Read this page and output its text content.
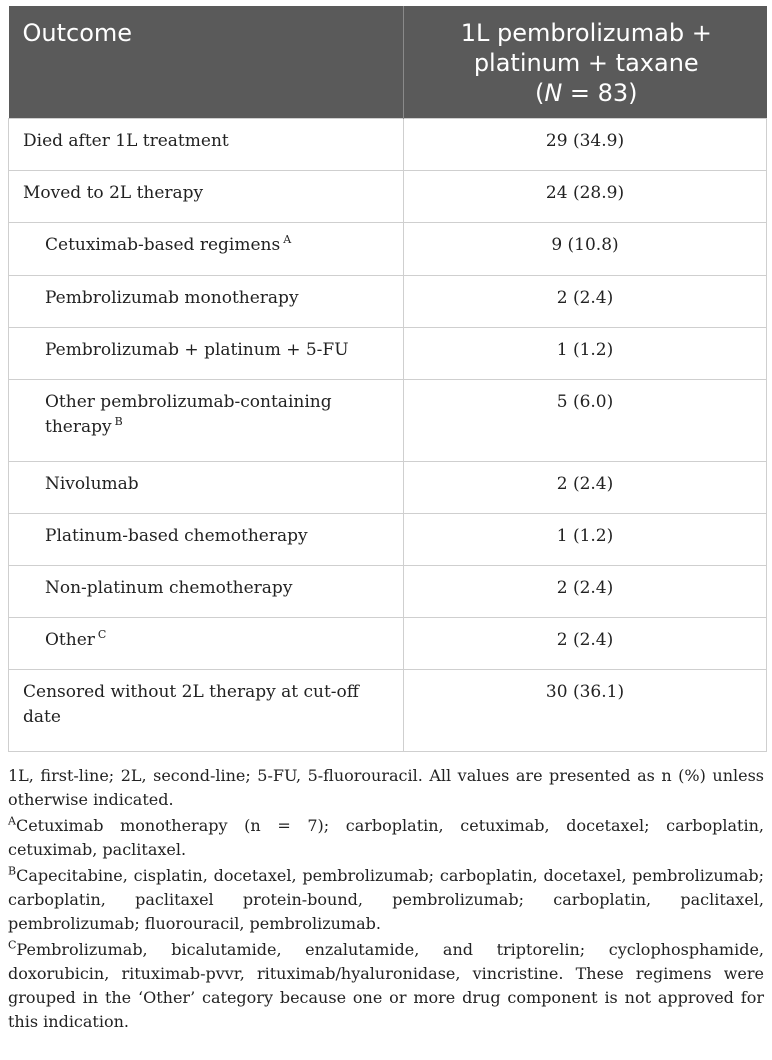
Outcome	1L pembrolizumab +
platinum + taxane
(N = 83)
Died after 1L treatment	29 (34.9)
Moved to 2L therapy	24 (28.9)
Cetuximab-based regimens $^A$	9 (10.8)
Pembrolizumab monotherapy	2 (2.4)
Pembrolizumab + platinum + 5-FU	1 (1.2)
Other pembrolizumab-containing therapy $^B$	5 (6.0)
Nivolumab	2 (2.4)
Platinum-based chemotherapy	1 (1.2)
Non-platinum chemotherapy	2 (2.4)
Other $^C$	2 (2.4)
Censored without 2L therapy at cut-off date	30 (36.1)

1L, first-line; 2L, second-line; 5-FU, 5-fluorouracil. All values are presented as n (%) unless otherwise indicated.

$^A$Cetuximab monotherapy (n = 7); carboplatin, cetuximab, docetaxel; carboplatin, cetuximab, paclitaxel.

$^B$Capecitabine, cisplatin, docetaxel, pembrolizumab; carboplatin, docetaxel, pembrolizumab; carboplatin, paclitaxel protein-bound, pembrolizumab; carboplatin, paclitaxel, pembrolizumab; fluorouracil, pembrolizumab.

$^C$Pembrolizumab, bicalutamide, enzalutamide, and triptorelin; cyclophosphamide, doxorubicin, rituximab-pvvr, rituximab/hyaluronidase, vincristine. These regimens were grouped in the ‘Other’ category because one or more drug component is not approved for this indication.
